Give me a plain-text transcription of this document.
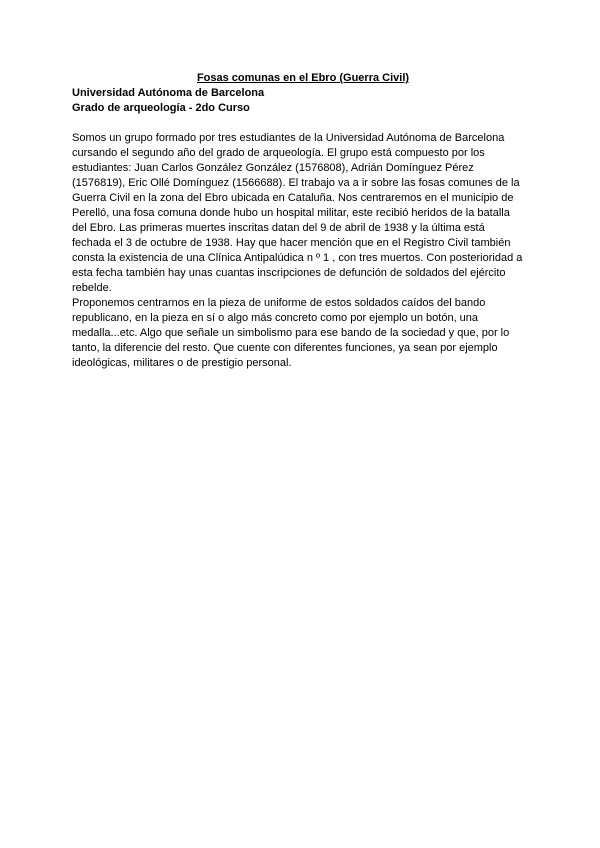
Fosas comunas en el Ebro (Guerra Civil)
Universidad Autónoma de Barcelona
Grado de arqueología - 2do Curso

Somos un grupo formado por tres estudiantes de la Universidad Autónoma de Barcelona
cursando el segundo año del grado de arqueología. El grupo está compuesto por los
estudiantes: Juan Carlos González González (1576808), Adrián Domínguez Pérez
(1576819), Eric Ollé Domínguez (1566688). El trabajo va a ir sobre las fosas comunes de la
Guerra Civil en la zona del Ebro ubicada en Cataluña. Nos centraremos en el municipio de
Perelló, una fosa comuna donde hubo un hospital militar, este recibió heridos de la batalla
del Ebro. Las primeras muertes inscritas datan del 9 de abril de 1938 y la última está
fechada el 3 de octubre de 1938. Hay que hacer mención que en el Registro Civil también
consta la existencia de una Clínica Antipalúdica n º 1 , con tres muertos. Con posterioridad a
esta fecha también hay unas cuantas inscripciones de defunción de soldados del ejército
rebelde.

Proponemos centrarnos en la pieza de uniforme de estos soldados caídos del bando
republicano, en la pieza en sí o algo más concreto como por ejemplo un botón, una
medalla...etc. Algo que señale un simbolismo para ese bando de la sociedad y que, por lo
tanto, la diferencie del resto. Que cuente con diferentes funciones, ya sean por ejemplo
ideológicas, militares o de prestigio personal.
